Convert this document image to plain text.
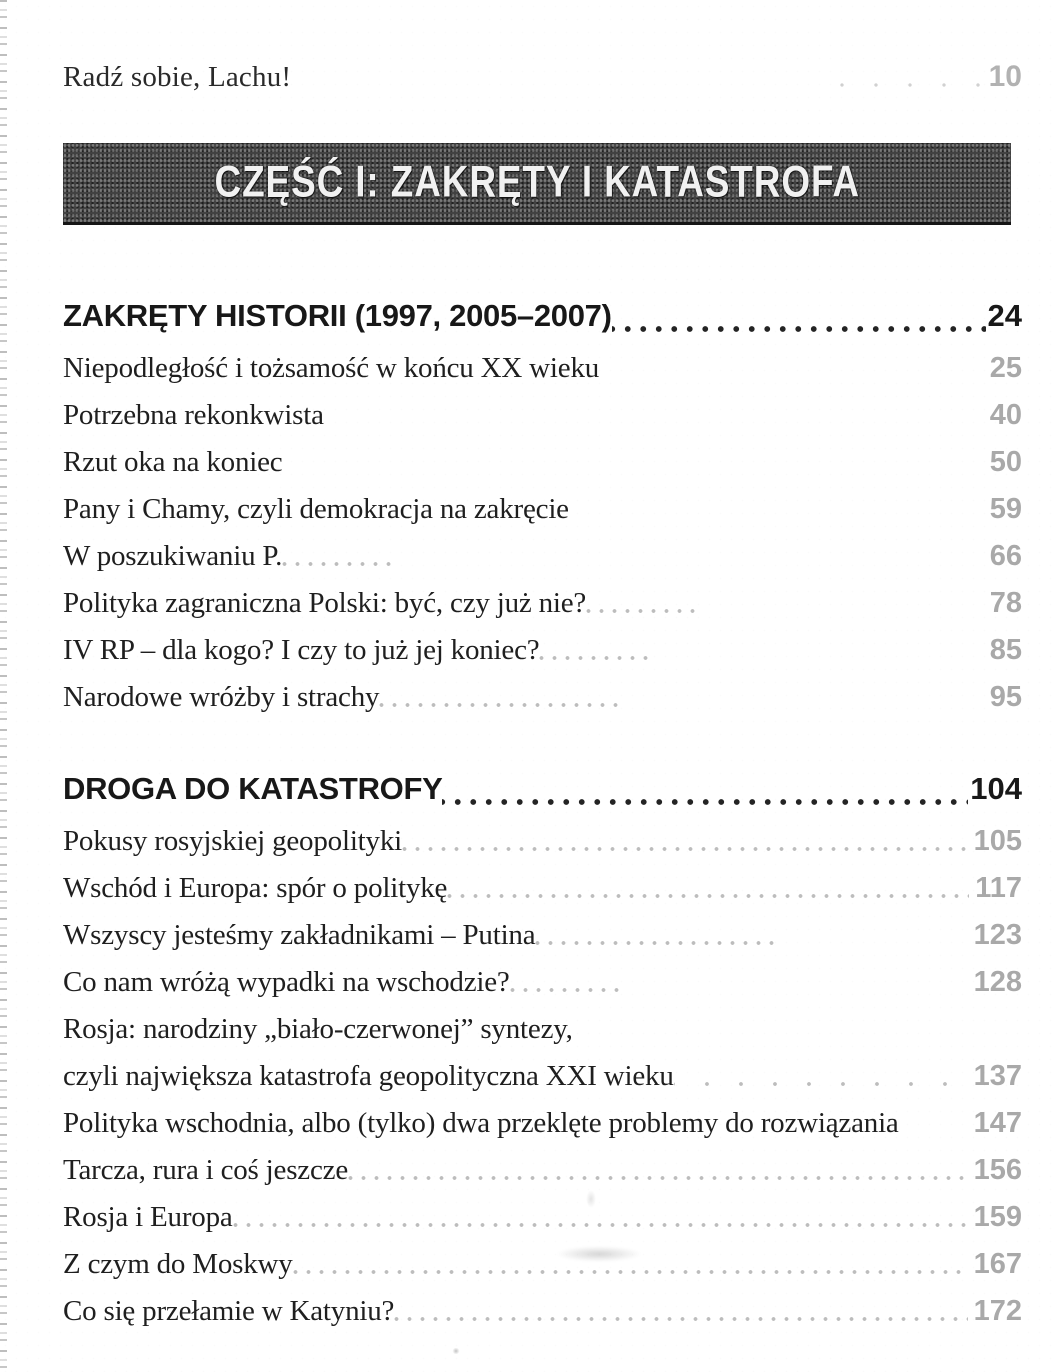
Radź sobie, Lachu!	10
CZĘŚĆ I: ZAKRĘTY I KATASTROFA
ZAKRĘTY HISTORII (1997, 2005–2007)	24
Niepodległość i tożsamość w końcu XX wieku	25
Potrzebna rekonkwista	40
Rzut oka na koniec	50
Pany i Chamy, czyli demokracja na zakręcie	59
W poszukiwaniu P.	66
Polityka zagraniczna Polski: być, czy już nie?	78
IV RP – dla kogo? I czy to już jej koniec?	85
Narodowe wróżby i strachy	95
DROGA DO KATASTROFY	104
Pokusy rosyjskiej geopolityki	105
Wschód i Europa: spór o politykę	117
Wszyscy jesteśmy zakładnikami – Putina	123
Co nam wróżą wypadki na wschodzie?	128
Rosja: narodziny „biało-czerwonej” syntezy,
czyli największa katastrofa geopolityczna XXI wieku	137
Polityka wschodnia, albo (tylko) dwa przeklęte problemy do rozwiązania	147
Tarcza, rura i coś jeszcze	156
Rosja i Europa	159
Z czym do Moskwy	167
Co się przełamie w Katyniu?	172
